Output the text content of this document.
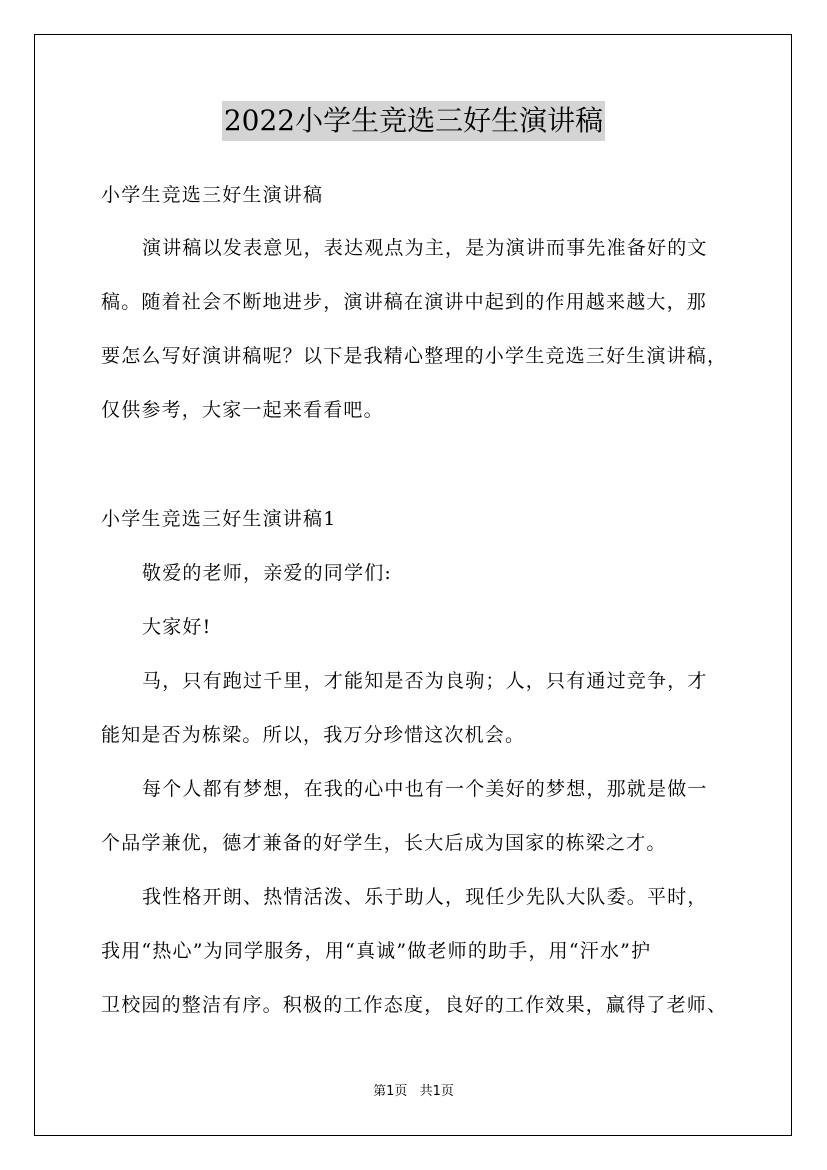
2022小学生竞选三好生演讲稿
小学生竞选三好生演讲稿
演讲稿以发表意见，表达观点为主，是为演讲而事先准备好的文
稿。随着社会不断地进步，演讲稿在演讲中起到的作用越来越大，那
要怎么写好演讲稿呢？以下是我精心整理的小学生竞选三好生演讲稿，
仅供参考，大家一起来看看吧。
小学生竞选三好生演讲稿1
敬爱的老师，亲爱的同学们:
大家好!
马，只有跑过千里，才能知是否为良驹；人，只有通过竞争，才
能知是否为栋梁。所以，我万分珍惜这次机会。
每个人都有梦想，在我的心中也有一个美好的梦想，那就是做一
个品学兼优，德才兼备的好学生，长大后成为国家的栋梁之才。
我性格开朗、热情活泼、乐于助人，现任少先队大队委。平时，
我用“热心”为同学服务，用“真诚”做老师的助手，用“汗水”护
卫校园的整洁有序。积极的工作态度，良好的工作效果，赢得了老师、
第1页 共1页
